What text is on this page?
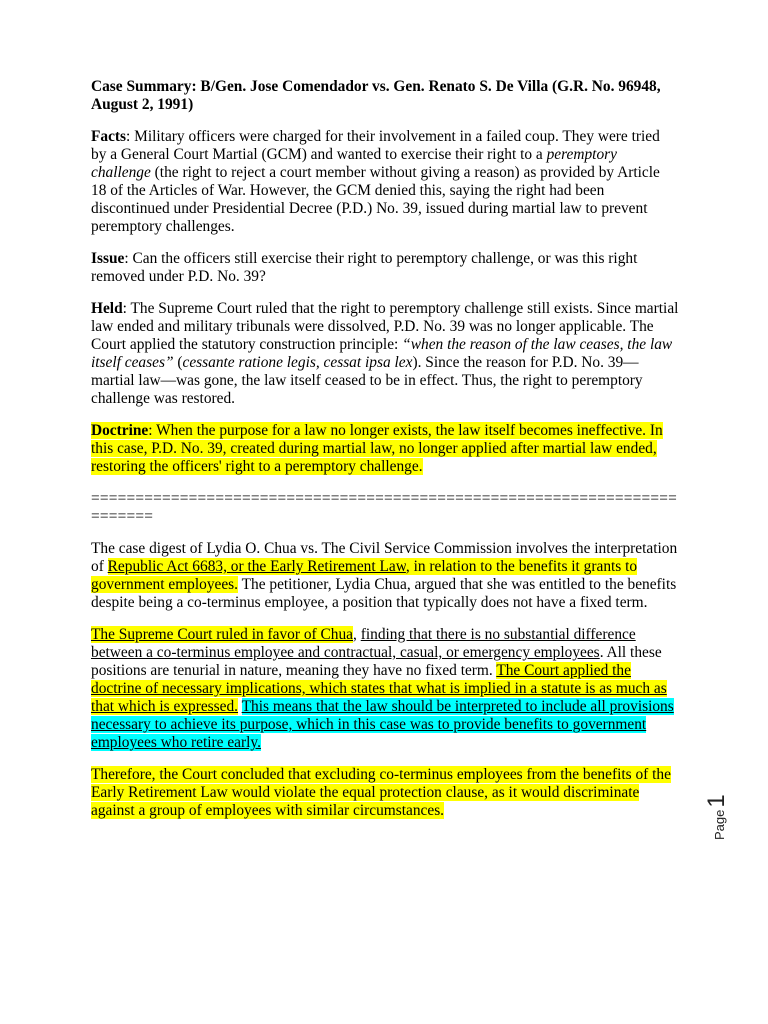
Case Summary: B/Gen. Jose Comendador vs. Gen. Renato S. De Villa (G.R. No. 96948, August 2, 1991)

Facts: Military officers were charged for their involvement in a failed coup. They were tried by a General Court Martial (GCM) and wanted to exercise their right to a peremptory challenge (the right to reject a court member without giving a reason) as provided by Article 18 of the Articles of War. However, the GCM denied this, saying the right had been discontinued under Presidential Decree (P.D.) No. 39, issued during martial law to prevent peremptory challenges.

Issue: Can the officers still exercise their right to peremptory challenge, or was this right removed under P.D. No. 39?

Held: The Supreme Court ruled that the right to peremptory challenge still exists. Since martial law ended and military tribunals were dissolved, P.D. No. 39 was no longer applicable. The Court applied the statutory construction principle: “when the reason of the law ceases, the law itself ceases” (cessante ratione legis, cessat ipsa lex). Since the reason for P.D. No. 39—martial law—was gone, the law itself ceased to be in effect. Thus, the right to peremptory challenge was restored.

Doctrine: When the purpose for a law no longer exists, the law itself becomes ineffective. In this case, P.D. No. 39, created during martial law, no longer applied after martial law ended, restoring the officers' right to a peremptory challenge.

=========================================================================

The case digest of Lydia O. Chua vs. The Civil Service Commission involves the interpretation of Republic Act 6683, or the Early Retirement Law, in relation to the benefits it grants to government employees. The petitioner, Lydia Chua, argued that she was entitled to the benefits despite being a co-terminus employee, a position that typically does not have a fixed term.

The Supreme Court ruled in favor of Chua, finding that there is no substantial difference between a co-terminus employee and contractual, casual, or emergency employees. All these positions are tenurial in nature, meaning they have no fixed term. The Court applied the doctrine of necessary implications, which states that what is implied in a statute is as much as that which is expressed. This means that the law should be interpreted to include all provisions necessary to achieve its purpose, which in this case was to provide benefits to government employees who retire early.

Therefore, the Court concluded that excluding co-terminus employees from the benefits of the Early Retirement Law would violate the equal protection clause, as it would discriminate against a group of employees with similar circumstances.	Page
1
